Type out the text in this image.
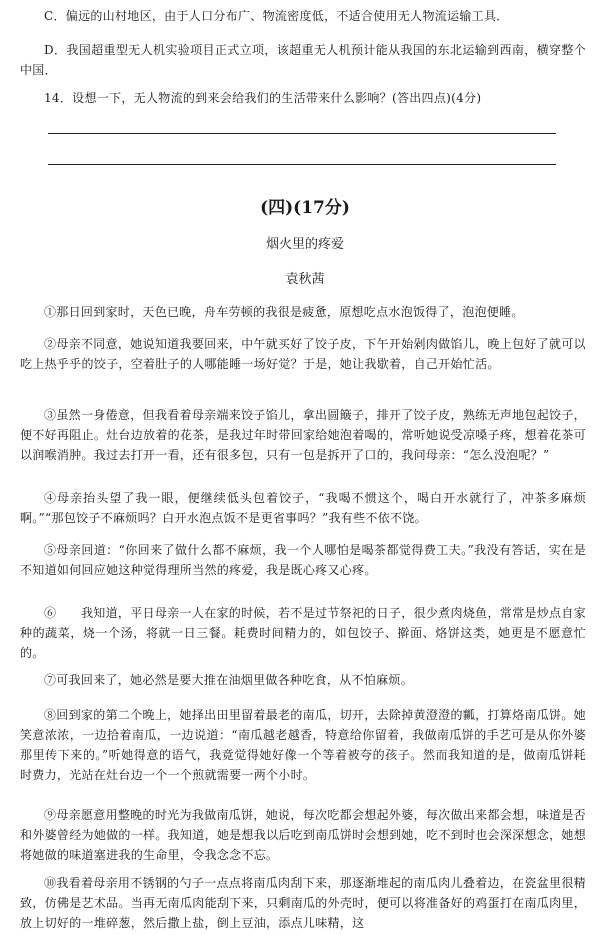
C．偏远的山村地区，由于人口分布广、物流密度低，不适合使用无人物流运输工具．

D．我国超重型无人机实验项目正式立项，该超重无人机预计能从我国的东北运输到西南，横穿整个中国．

14．设想一下，无人物流的到来会给我们的生活带来什么影响？(答出四点)(4分)

(四)(17分)

烟火里的疼爱

袁秋茜

①那日回到家时，天色已晚，舟车劳顿的我很是疲惫，原想吃点水泡饭得了，泡泡便睡。

②母亲不同意，她说知道我要回来，中午就买好了饺子皮，下午开始剁肉做馅儿，晚上包好了就可以吃上热乎乎的饺子，空着肚子的人哪能睡一场好觉？于是，她让我歇着，自己开始忙活。

③虽然一身倦意，但我看着母亲端来饺子馅儿，拿出圆簸子，排开了饺子皮，熟练无声地包起饺子，便不好再阻止。灶台边放着的花茶，是我过年时带回家给她泡着喝的，常听她说受凉嗓子疼，想着花茶可以润喉消肿。我过去打开一看，还有很多包，只有一包是拆开了口的，我问母亲：“怎么没泡呢？”

④母亲抬头望了我一眼，便继续低头包着饺子，“我喝不惯这个，喝白开水就行了，冲茶多麻烦啊。”“那包饺子不麻烦吗？白开水泡点饭不是更省事吗？”我有些不依不饶。

⑤母亲回道：“你回来了做什么都不麻烦，我一个人哪怕是喝茶都觉得费工夫。”我没有答话，实在是不知道如何回应她这种觉得理所当然的疼爱，我是既心疼又心疼。

⑥　　我知道，平日母亲一人在家的时候，若不是过节祭祀的日子，很少煮肉烧鱼，常常是炒点自家种的蔬菜，烧一个汤，将就一日三餐。耗费时间精力的，如包饺子、擀面、烙饼这类，她更是不愿意忙的。

⑦可我回来了，她必然是要大推在油烟里做各种吃食，从不怕麻烦。

⑧回到家的第二个晚上，她择出田里留着最老的南瓜，切开，去除掉黄澄澄的瓤，打算烙南瓜饼。她笑意浓浓，一边拾着南瓜，一边说道：“南瓜越老越香，特意给你留着，我做南瓜饼的手艺可是从你外婆那里传下来的。”听她得意的语气，我竟觉得她好像一个等着被夸的孩子。然而我知道的是，做南瓜饼耗时费力，光站在灶台边一个一个煎就需要一两个小时。

⑨母亲愿意用整晚的时光为我做南瓜饼，她说，每次吃都会想起外婆，每次做出来都会想，味道是否和外婆曾经为她做的一样。我知道，她是想我以后吃到南瓜饼时会想到她，吃不到时也会深深想念，她想将她做的味道塞进我的生命里，令我念念不忘。

⑩我看着母亲用不锈钢的勺子一点点将南瓜肉刮下来，那逐渐堆起的南瓜肉儿叠着边，在瓷盆里很精致，仿佛是艺术品。当再无南瓜肉能刮下来，只剩南瓜的外壳时，便可以将准备好的鸡蛋打在南瓜肉里，放上切好的一堆碎葱，然后撒上盐，倒上豆油，添点儿味精，这
